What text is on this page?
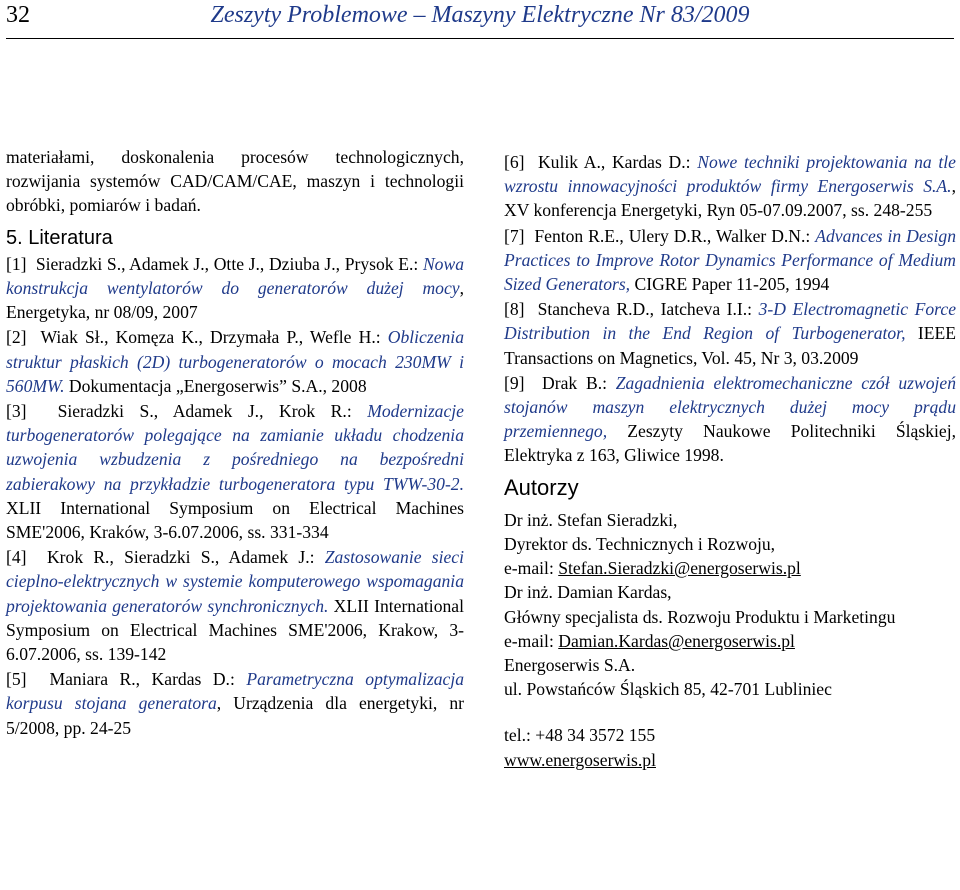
32	Zeszyty Problemowe – Maszyny Elektryczne Nr 83/2009

materiałami, doskonalenia procesów technologicznych, rozwijania systemów CAD/CAM/CAE, maszyn i technologii obróbki, pomiarów i badań.

5. Literatura

[1] Sieradzki S., Adamek J., Otte J., Dziuba J., Prysok E.: Nowa konstrukcja wentylatorów do generatorów dużej mocy, Energetyka, nr 08/09, 2007

[2] Wiak Sł., Komęza K., Drzymała P., Wefle H.: Obliczenia struktur płaskich (2D) turbogeneratorów o mocach 230MW i 560MW. Dokumentacja „Energoserwis” S.A., 2008

[3] Sieradzki S., Adamek J., Krok R.: Modernizacje turbogeneratorów polegające na zamianie układu chodzenia uzwojenia wzbudzenia z pośredniego na bezpośredni zabierakowy na przykładzie turbogeneratora typu TWW-30-2. XLII International Symposium on Electrical Machines SME'2006, Kraków, 3-6.07.2006, ss. 331-334

[4] Krok R., Sieradzki S., Adamek J.: Zastosowanie sieci cieplno-elektrycznych w systemie komputerowego wspomagania projektowania generatorów synchronicznych. XLII International Symposium on Electrical Machines SME'2006, Krakow, 3-6.07.2006, ss. 139-142

[5] Maniara R., Kardas D.: Parametryczna optymalizacja korpusu stojana generatora, Urządzenia dla energetyki, nr 5/2008, pp. 24-25

[6] Kulik A., Kardas D.: Nowe techniki projektowania na tle wzrostu innowacyjności produktów firmy Energoserwis S.A., XV konferencja Energetyki, Ryn 05-07.09.2007, ss. 248-255

[7] Fenton R.E., Ulery D.R., Walker D.N.: Advances in Design Practices to Improve Rotor Dynamics Performance of Medium Sized Generators, CIGRE Paper 11-205, 1994

[8] Stancheva R.D., Iatcheva I.I.: 3-D Electromagnetic Force Distribution in the End Region of Turbogenerator, IEEE Transactions on Magnetics, Vol. 45, Nr 3, 03.2009

[9] Drak B.: Zagadnienia elektromechaniczne czół uzwojeń stojanów maszyn elektrycznych dużej mocy prądu przemiennego, Zeszyty Naukowe Politechniki Śląskiej, Elektryka z 163, Gliwice 1998.

Autorzy

Dr inż. Stefan Sieradzki,

Dyrektor ds. Technicznych i Rozwoju,

e-mail: Stefan.Sieradzki@energoserwis.pl

Dr inż. Damian Kardas,

Główny specjalista ds. Rozwoju Produktu i Marketingu

e-mail: Damian.Kardas@energoserwis.pl

Energoserwis S.A.

ul. Powstańców Śląskich 85, 42-701 Lubliniec

tel.: +48 34 3572 155

www.energoserwis.pl
